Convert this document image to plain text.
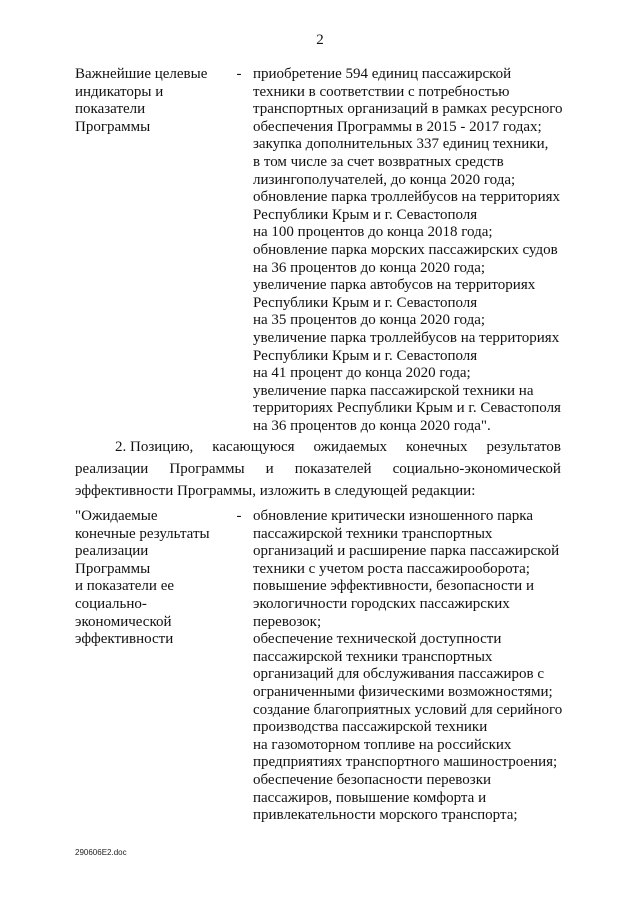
2
Важнейшие целевые
индикаторы и
показатели
Программы
- приобретение 594 единиц пассажирской
техники в соответствии с потребностью
транспортных организаций в рамках ресурсного
обеспечения Программы в 2015 - 2017 годах;
закупка дополнительных 337 единиц техники,
в том числе за счет возвратных средств
лизингополучателей, до конца 2020 года;
обновление парка троллейбусов на территориях
Республики Крым и г. Севастополя
на 100 процентов до конца 2018 года;
обновление парка морских пассажирских судов
на 36 процентов до конца 2020 года;
увеличение парка автобусов на территориях
Республики Крым и г. Севастополя
на 35 процентов до конца 2020 года;
увеличение парка троллейбусов на территориях
Республики Крым и г. Севастополя
на 41 процент до конца 2020 года;
увеличение парка пассажирской техники на
территориях Республики Крым и г. Севастополя
на 36 процентов до конца 2020 года".
2. Позицию, касающуюся ожидаемых конечных результатов
реализации Программы и показателей социально-экономической
эффективности Программы, изложить в следующей редакции:
"Ожидаемые
конечные результаты
реализации
Программы
и показатели ее
социально-
экономической
эффективности
- обновление критически изношенного парка
пассажирской техники транспортных
организаций и расширение парка пассажирской
техники с учетом роста пассажирооборота;
повышение эффективности, безопасности и
экологичности городских пассажирских
перевозок;
обеспечение технической доступности
пассажирской техники транспортных
организаций для обслуживания пассажиров с
ограниченными физическими возможностями;
создание благоприятных условий для серийного
производства пассажирской техники
на газомоторном топливе на российских
предприятиях транспортного машиностроения;
обеспечение безопасности перевозки
пассажиров, повышение комфорта и
привлекательности морского транспорта;
290606E2.doc
